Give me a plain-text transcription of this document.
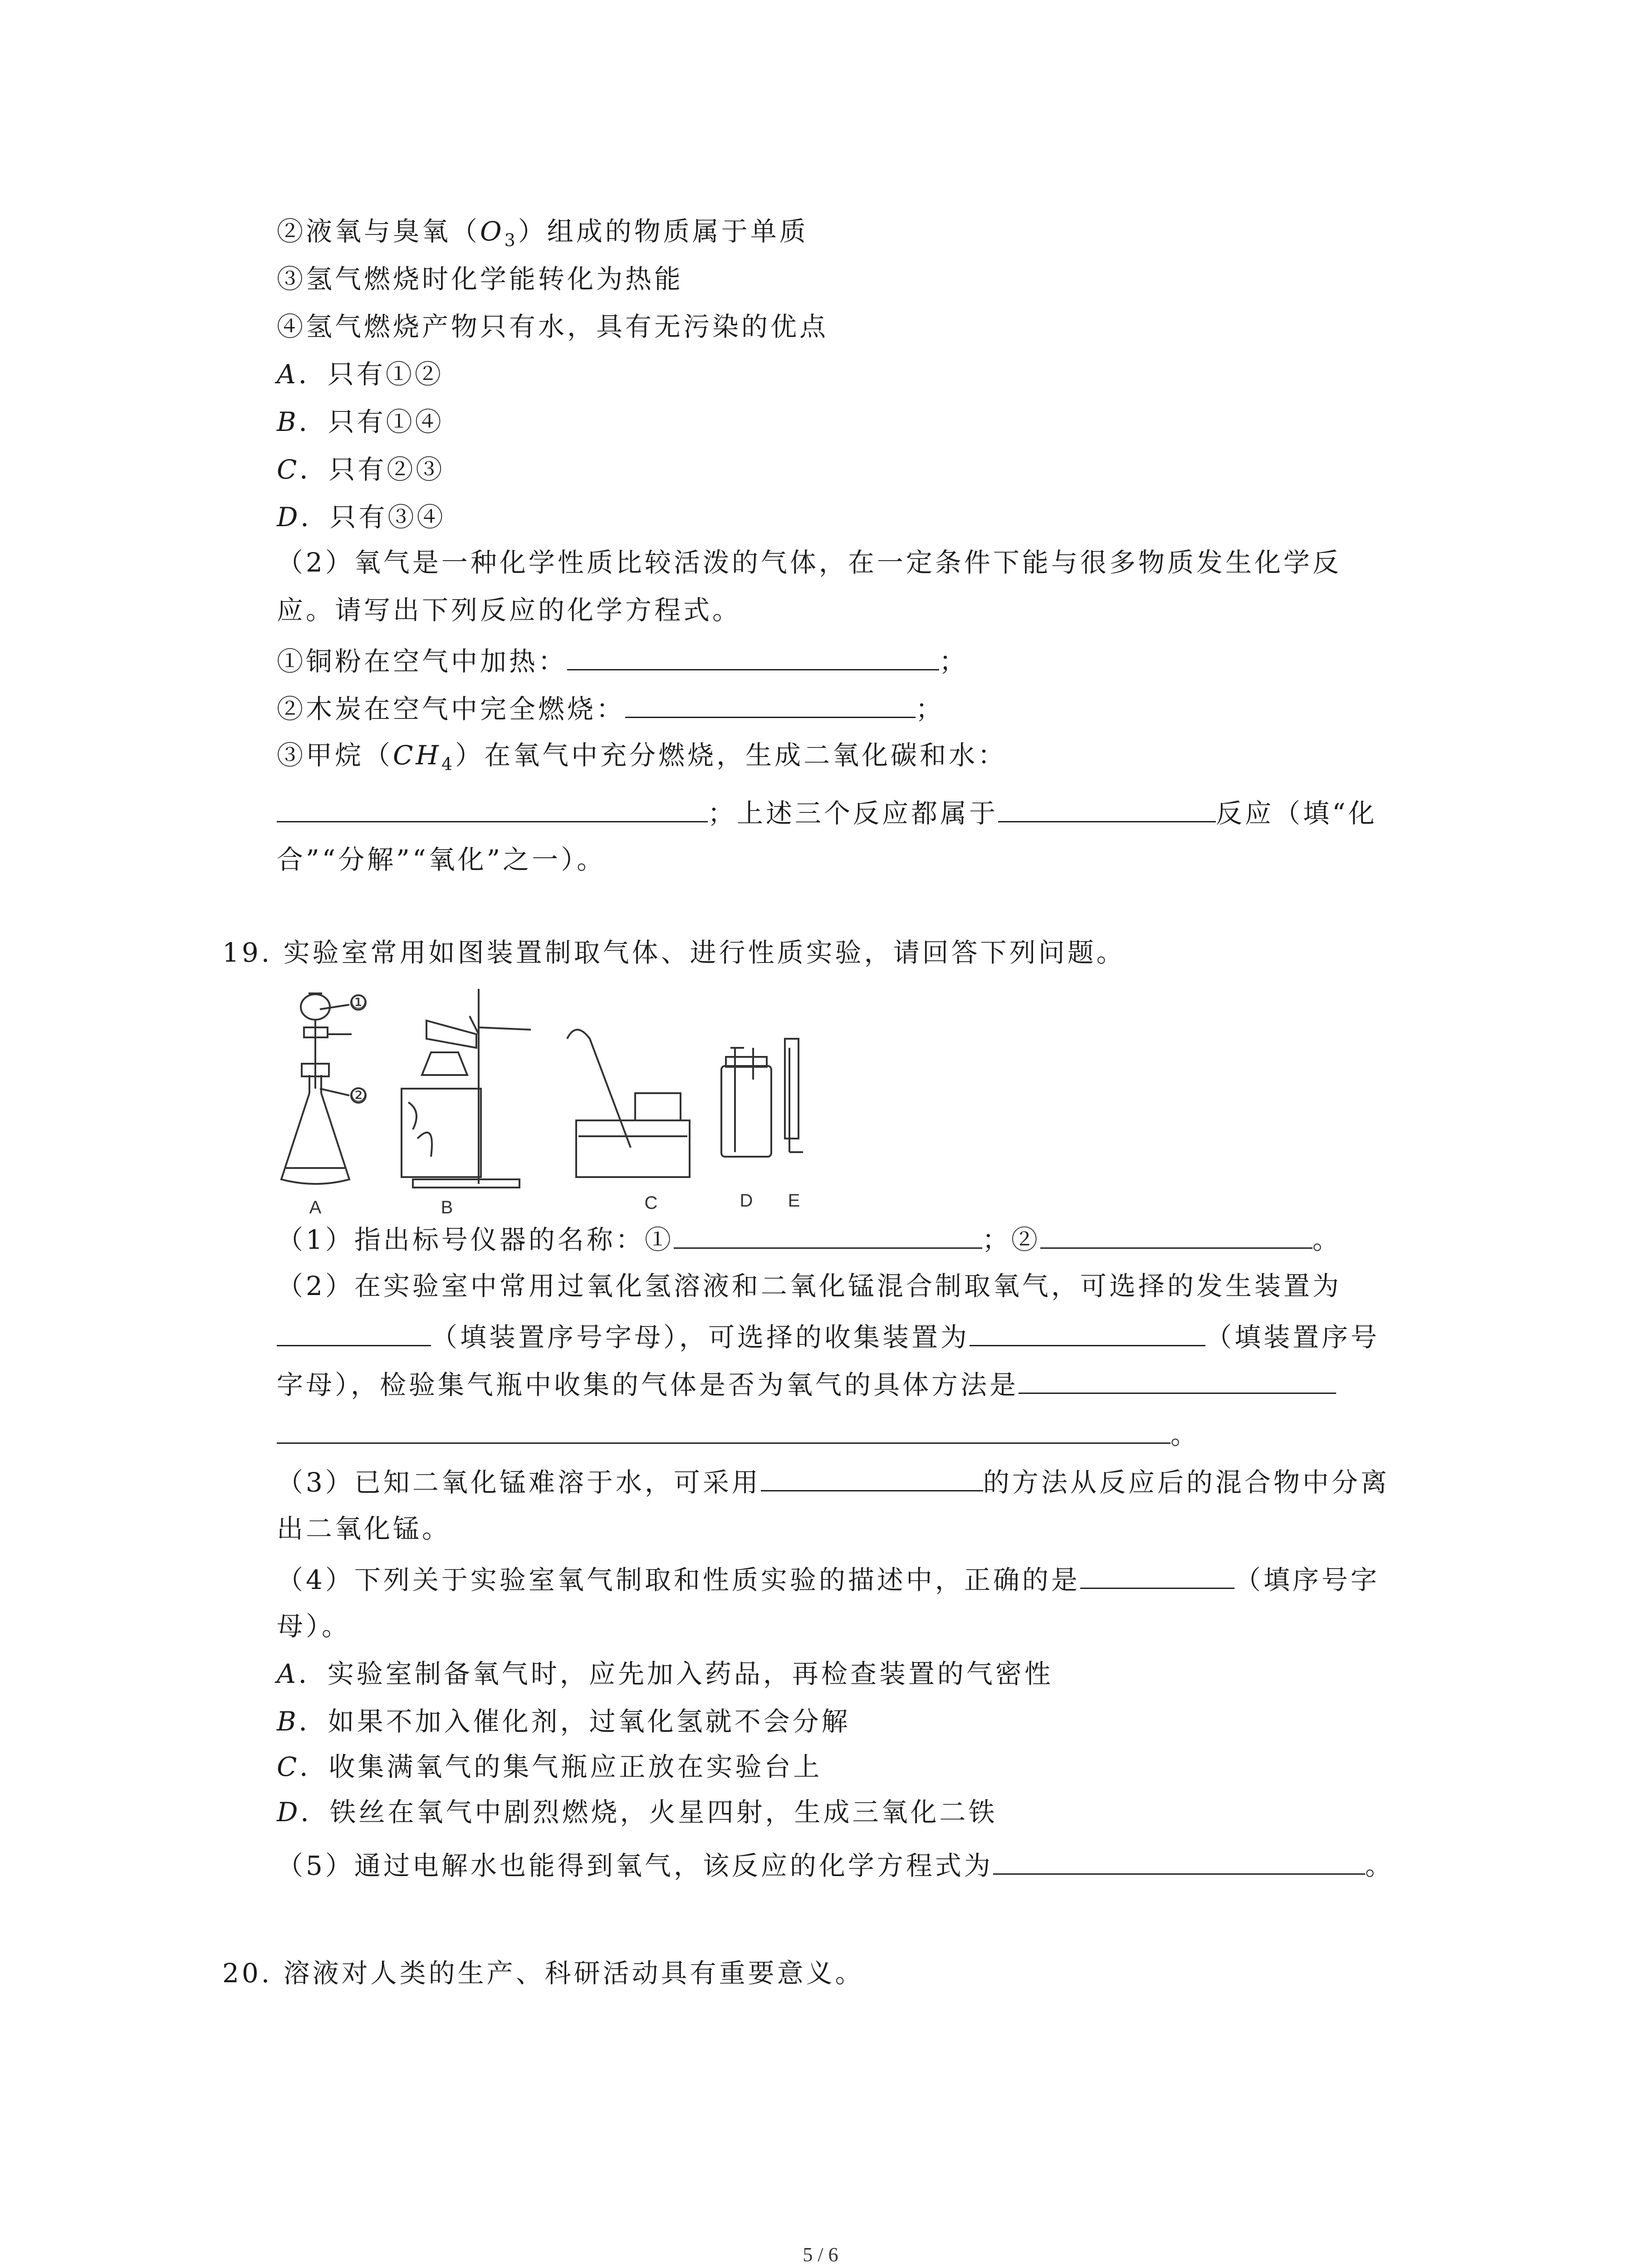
②液氧与臭氧$(O_3)$组成的物质属于单质
③氢气燃烧时化学能转化为热能
④氢气燃烧产物只有水，具有无污染的优点
A．只有①②
B．只有①④
C．只有②③
D．只有③④
（2）氧气是一种化学性质比较活泼的气体，在一定条件下能与很多物质发生化学反
应。请写出下列反应的化学方程式。
①铜粉在空气中加热：	；
②木炭在空气中完全燃烧：	；
③甲烷$(CH_4)$在氧气中充分燃烧，生成二氧化碳和水：
；上述三个反应都属于	反应（填“化
合”“分解”“氧化”之一）。
19. 实验室常用如图装置制取气体、进行性质实验，请回答下列问题。
①
②
A	B	C	D E
（1）指出标号仪器的名称：①	；②	。
（2）在实验室中常用过氧化氢溶液和二氧化锰混合制取氧气，可选择的发生装置为
（填装置序号字母），可选择的收集装置为	（填装置序号
字母），检验集气瓶中收集的气体是否为氧气的具体方法是
。
（3）已知二氧化锰难溶于水，可采用	的方法从反应后的混合物中分离
出二氧化锰。
（4）下列关于实验室氧气制取和性质实验的描述中，正确的是	（填序号字
母）。
A．实验室制备氧气时，应先加入药品，再检查装置的气密性
B．如果不加入催化剂，过氧化氢就不会分解
C．收集满氧气的集气瓶应正放在实验台上
D．铁丝在氧气中剧烈燃烧，火星四射，生成三氧化二铁
（5）通过电解水也能得到氧气，该反应的化学方程式为	。
20. 溶液对人类的生产、科研活动具有重要意义。
5 / 6
